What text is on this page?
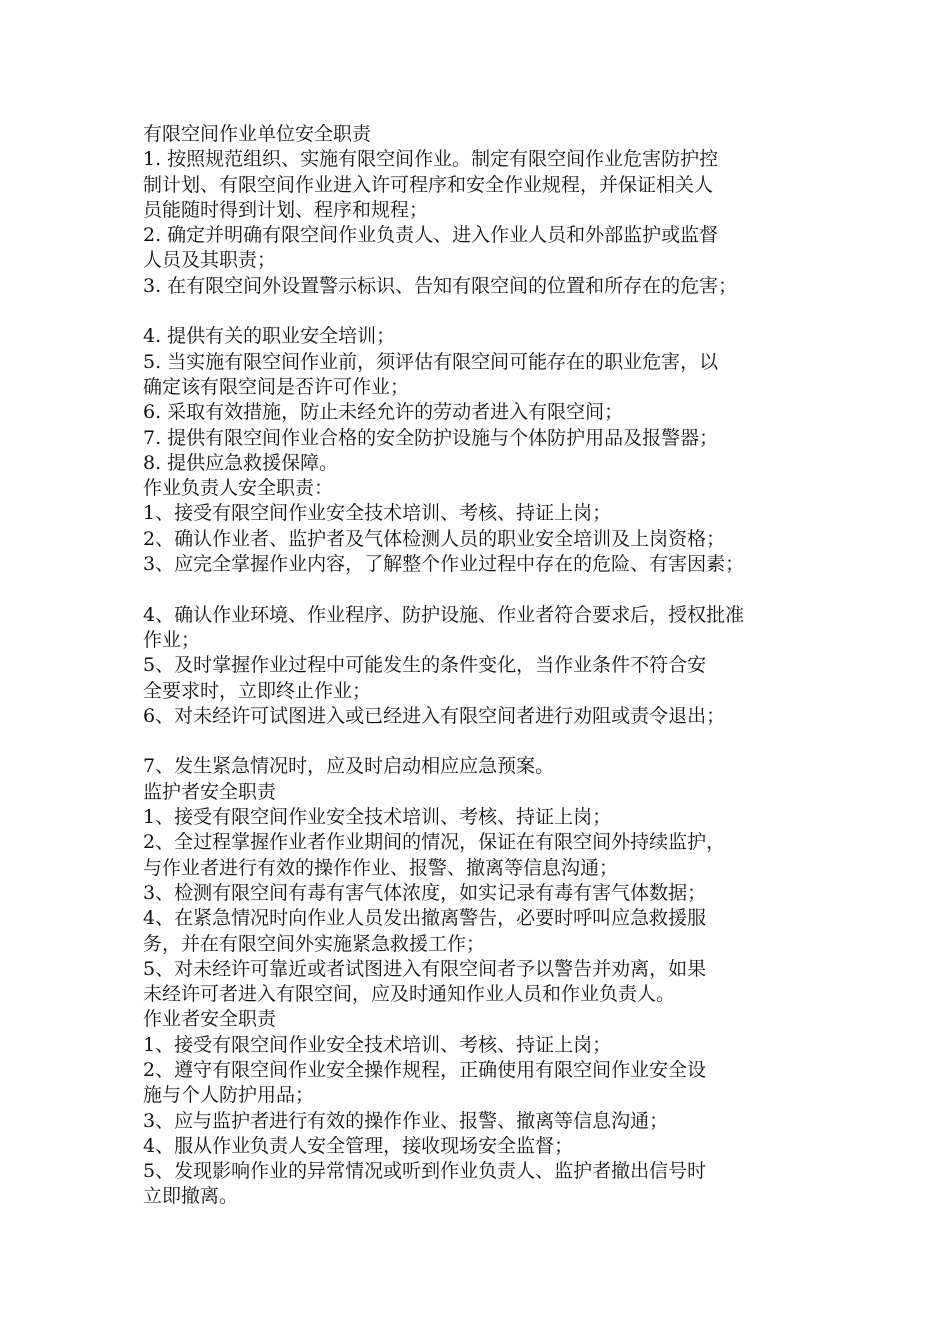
有限空间作业单位安全职责

1. 按照规范组织、实施有限空间作业。制定有限空间作业危害防护控

制计划、有限空间作业进入许可程序和安全作业规程，并保证相关人

员能随时得到计划、程序和规程；

2. 确定并明确有限空间作业负责人、进入作业人员和外部监护或监督

人员及其职责；

3. 在有限空间外设置警示标识、告知有限空间的位置和所存在的危害；

4. 提供有关的职业安全培训；

5. 当实施有限空间作业前，须评估有限空间可能存在的职业危害，以

确定该有限空间是否许可作业；

6. 采取有效措施，防止未经允许的劳动者进入有限空间；

7. 提供有限空间作业合格的安全防护设施与个体防护用品及报警器；

8. 提供应急救援保障。

作业负责人安全职责：

1、接受有限空间作业安全技术培训、考核、持证上岗；

2、确认作业者、监护者及气体检测人员的职业安全培训及上岗资格；

3、应完全掌握作业内容，了解整个作业过程中存在的危险、有害因素；

4、确认作业环境、作业程序、防护设施、作业者符合要求后，授权批准

作业；

5、及时掌握作业过程中可能发生的条件变化，当作业条件不符合安

全要求时，立即终止作业；

6、对未经许可试图进入或已经进入有限空间者进行劝阻或责令退出；

7、发生紧急情况时，应及时启动相应应急预案。

监护者安全职责

1、接受有限空间作业安全技术培训、考核、持证上岗；

2、全过程掌握作业者作业期间的情况，保证在有限空间外持续监护，

与作业者进行有效的操作作业、报警、撤离等信息沟通；

3、检测有限空间有毒有害气体浓度，如实记录有毒有害气体数据；

4、在紧急情况时向作业人员发出撤离警告，必要时呼叫应急救援服

务，并在有限空间外实施紧急救援工作；

5、对未经许可靠近或者试图进入有限空间者予以警告并劝离，如果

未经许可者进入有限空间，应及时通知作业人员和作业负责人。

作业者安全职责

1、接受有限空间作业安全技术培训、考核、持证上岗；

2、遵守有限空间作业安全操作规程，正确使用有限空间作业安全设

施与个人防护用品；

3、应与监护者进行有效的操作作业、报警、撤离等信息沟通；

4、服从作业负责人安全管理，接收现场安全监督；

5、发现影响作业的异常情况或听到作业负责人、监护者撤出信号时

立即撤离。
